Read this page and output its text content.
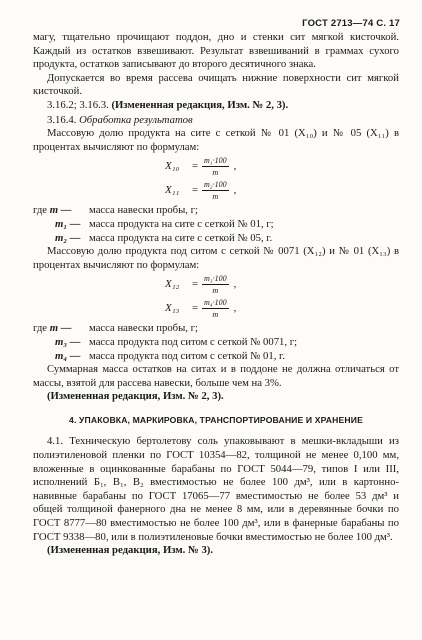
ГОСТ 2713—74 С. 17

магу, тщательно прочищают поддон, дно и стенки сит мягкой кисточкой. Каждый из остатков взвешивают. Результат взвешиваний в граммах сухого продукта, остатков записывают до второго десятичного знака.

Допускается во время рассева очищать нижние поверхности сит мягкой кисточкой.

3.16.2; 3.16.3. (Измененная редакция, Изм. № 2, 3).

3.16.4. Обработка результатов

Массовую долю продукта на сите с сеткой № 01 (X₁₀) и № 05 (X₁₁) в процентах вычисляют по формулам:

X₁₀	= $\frac{\text{m₁·100}}{m}$ ,
X₁₁	= $\frac{\text{m₂·100}}{m}$ ,
где m —	масса навески пробы, г;
m₁ — масса продукта на сите с сеткой № 01, г;
m₂ — масса продукта на сите с сеткой № 05, г.

Массовую долю продукта под ситом с сеткой № 0071 (X₁₂) и № 01 (X₁₃) в процентах вычисляют по формулам:

X₁₂	= $\frac{\text{m₃·100}}{m}$ ,
X₁₃	= $\frac{\text{m₄·100}}{m}$ ,
где m —	масса навески пробы, г;
m₃ — масса продукта под ситом с сеткой № 0071, г;
m₄ — масса продукта под ситом с сеткой № 01, г.

Суммарная масса остатков на ситах и в поддоне не должна отличаться от массы, взятой для рассева навески, больше чем на 3%.

(Измененная редакция, Изм. № 2, 3).

4. УПАКОВКА, МАРКИРОВКА, ТРАНСПОРТИРОВАНИЕ И ХРАНЕНИЕ

4.1. Техническую бертолетову соль упаковывают в мешки-вкладыши из полиэтиленовой пленки по ГОСТ 10354—82, толщиной не менее 0,100 мм, вложенные в оцинкованные барабаны по ГОСТ 5044—79, типов I или III, исполнений Б₁, В₁, В₂ вместимостью не более 100 дм³, или в картонно-навивные барабаны по ГОСТ 17065—77 вместимостью не более 53 дм³ и общей толщиной фанерного дна не менее 8 мм, или в деревянные бочки по ГОСТ 8777—80 вместимостью не более 100 дм³, или в фанерные барабаны по ГОСТ 9338—80, или в полиэтиленовые бочки вместимостью не более 100 дм³.

(Измененная редакция, Изм. № 3).
